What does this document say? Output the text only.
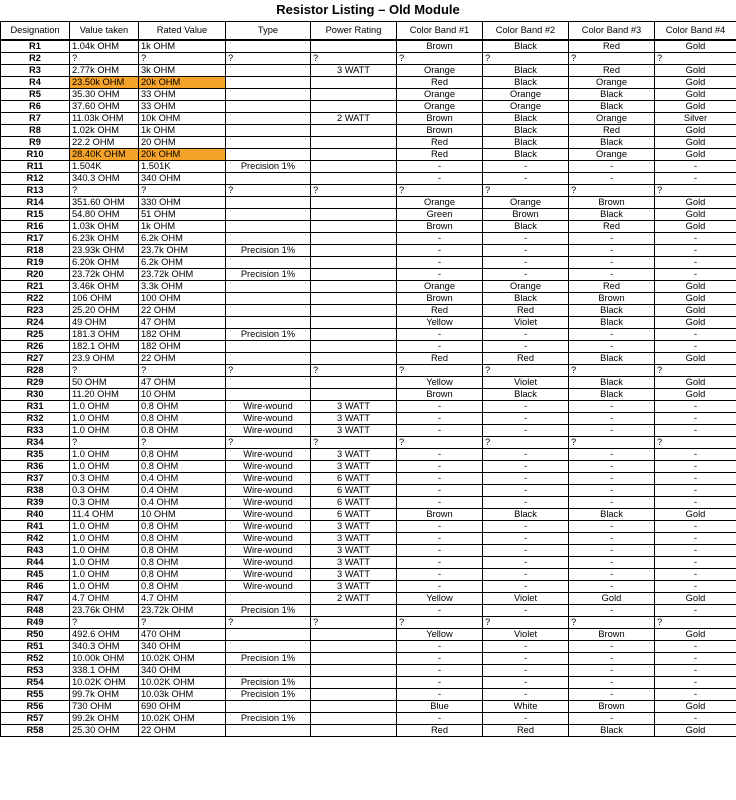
Resistor Listing – Old Module
Designation	Value taken	Rated Value	Type	Power Rating	Color Band #1	Color Band #2	Color Band #3	Color Band #4
R1	1.04k OHM	1k OHM			Brown	Black	Red	Gold
R2	?	?	?	?	?	?	?	?
R3	2.77k OHM	3k OHM		3 WATT	Orange	Black	Red	Gold
R4	23.50k OHM	20k OHM			Red	Black	Orange	Gold
R5	35.30 OHM	33 OHM			Orange	Orange	Black	Gold
R6	37.60 OHM	33 OHM			Orange	Orange	Black	Gold
R7	11.03k OHM	10k OHM		2 WATT	Brown	Black	Orange	Silver
R8	1.02k OHM	1k OHM			Brown	Black	Red	Gold
R9	22.2 OHM	20 OHM			Red	Black	Black	Gold
R10	28.40K OHM	20k OHM			Red	Black	Orange	Gold
R11	1.504K	1.501K	Precision 1%		-	-	-	-
R12	340.3 OHM	340 OHM			-	-	-	-
R13	?	?	?	?	?	?	?	?
R14	351.60 OHM	330 OHM			Orange	Orange	Brown	Gold
R15	54.80 OHM	51 OHM			Green	Brown	Black	Gold
R16	1.03k OHM	1k OHM			Brown	Black	Red	Gold
R17	6.23k OHM	6.2k OHM			-	-	-	-
R18	23.93k OHM	23.7k OHM	Precision 1%		-	-	-	-
R19	6.20k OHM	6.2k OHM			-	-	-	-
R20	23.72k OHM	23.72k OHM	Precision 1%		-	-	-	-
R21	3.46k OHM	3.3k OHM			Orange	Orange	Red	Gold
R22	106 OHM	100 OHM			Brown	Black	Brown	Gold
R23	25.20 OHM	22 OHM			Red	Red	Black	Gold
R24	49 OHM	47 OHM			Yellow	Violet	Black	Gold
R25	181.3 OHM	182 OHM	Precision 1%		-	-	-	-
R26	182.1 OHM	182 OHM			-	-	-	-
R27	23.9 OHM	22 OHM			Red	Red	Black	Gold
R28	?	?	?	?	?	?	?	?
R29	50 OHM	47 OHM			Yellow	Violet	Black	Gold
R30	11.20 OHM	10 OHM			Brown	Black	Black	Gold
R31	1.0 OHM	0.8 OHM	Wire-wound	3 WATT	-	-	-	-
R32	1.0 OHM	0.8 OHM	Wire-wound	3 WATT	-	-	-	-
R33	1.0 OHM	0.8 OHM	Wire-wound	3 WATT	-	-	-	-
R34	?	?	?	?	?	?	?	?
R35	1.0 OHM	0.8 OHM	Wire-wound	3 WATT	-	-	-	-
R36	1.0 OHM	0.8 OHM	Wire-wound	3 WATT	-	-	-	-
R37	0.3 OHM	0.4 OHM	Wire-wound	6 WATT	-	-	-	-
R38	0.3 OHM	0.4 OHM	Wire-wound	6 WATT	-	-	-	-
R39	0.3 OHM	0.4 OHM	Wire-wound	6 WATT	-	-	-	-
R40	11.4 OHM	10 OHM	Wire-wound	6 WATT	Brown	Black	Black	Gold
R41	1.0 OHM	0.8 OHM	Wire-wound	3 WATT	-	-	-	-
R42	1.0 OHM	0.8 OHM	Wire-wound	3 WATT	-	-	-	-
R43	1.0 OHM	0.8 OHM	Wire-wound	3 WATT	-	-	-	-
R44	1.0 OHM	0.8 OHM	Wire-wound	3 WATT	-	-	-	-
R45	1.0 OHM	0.8 OHM	Wire-wound	3 WATT	-	-	-	-
R46	1.0 OHM	0.8 OHM	Wire-wound	3 WATT	-	-	-	-
R47	4.7 OHM	4.7 OHM		2 WATT	Yellow	Violet	Gold	Gold
R48	23.76k OHM	23.72k OHM	Precision 1%		-	-	-	-
R49	?	?	?	?	?	?	?	?
R50	492.6 OHM	470 OHM			Yellow	Violet	Brown	Gold
R51	340.3 OHM	340 OHM			-	-	-	-
R52	10.00k OHM	10.02K OHM	Precision 1%		-	-	-	-
R53	338.1 OHM	340 OHM			-	-	-	-
R54	10.02K OHM	10.02K OHM	Precision 1%		-	-	-	-
R55	99.7k OHM	10.03k OHM	Precision 1%		-	-	-	-
R56	730 OHM	690 OHM			Blue	White	Brown	Gold
R57	99.2k OHM	10.02K OHM	Precision 1%		-	-	-	-
R58	25.30 OHM	22 OHM			Red	Red	Black	Gold
